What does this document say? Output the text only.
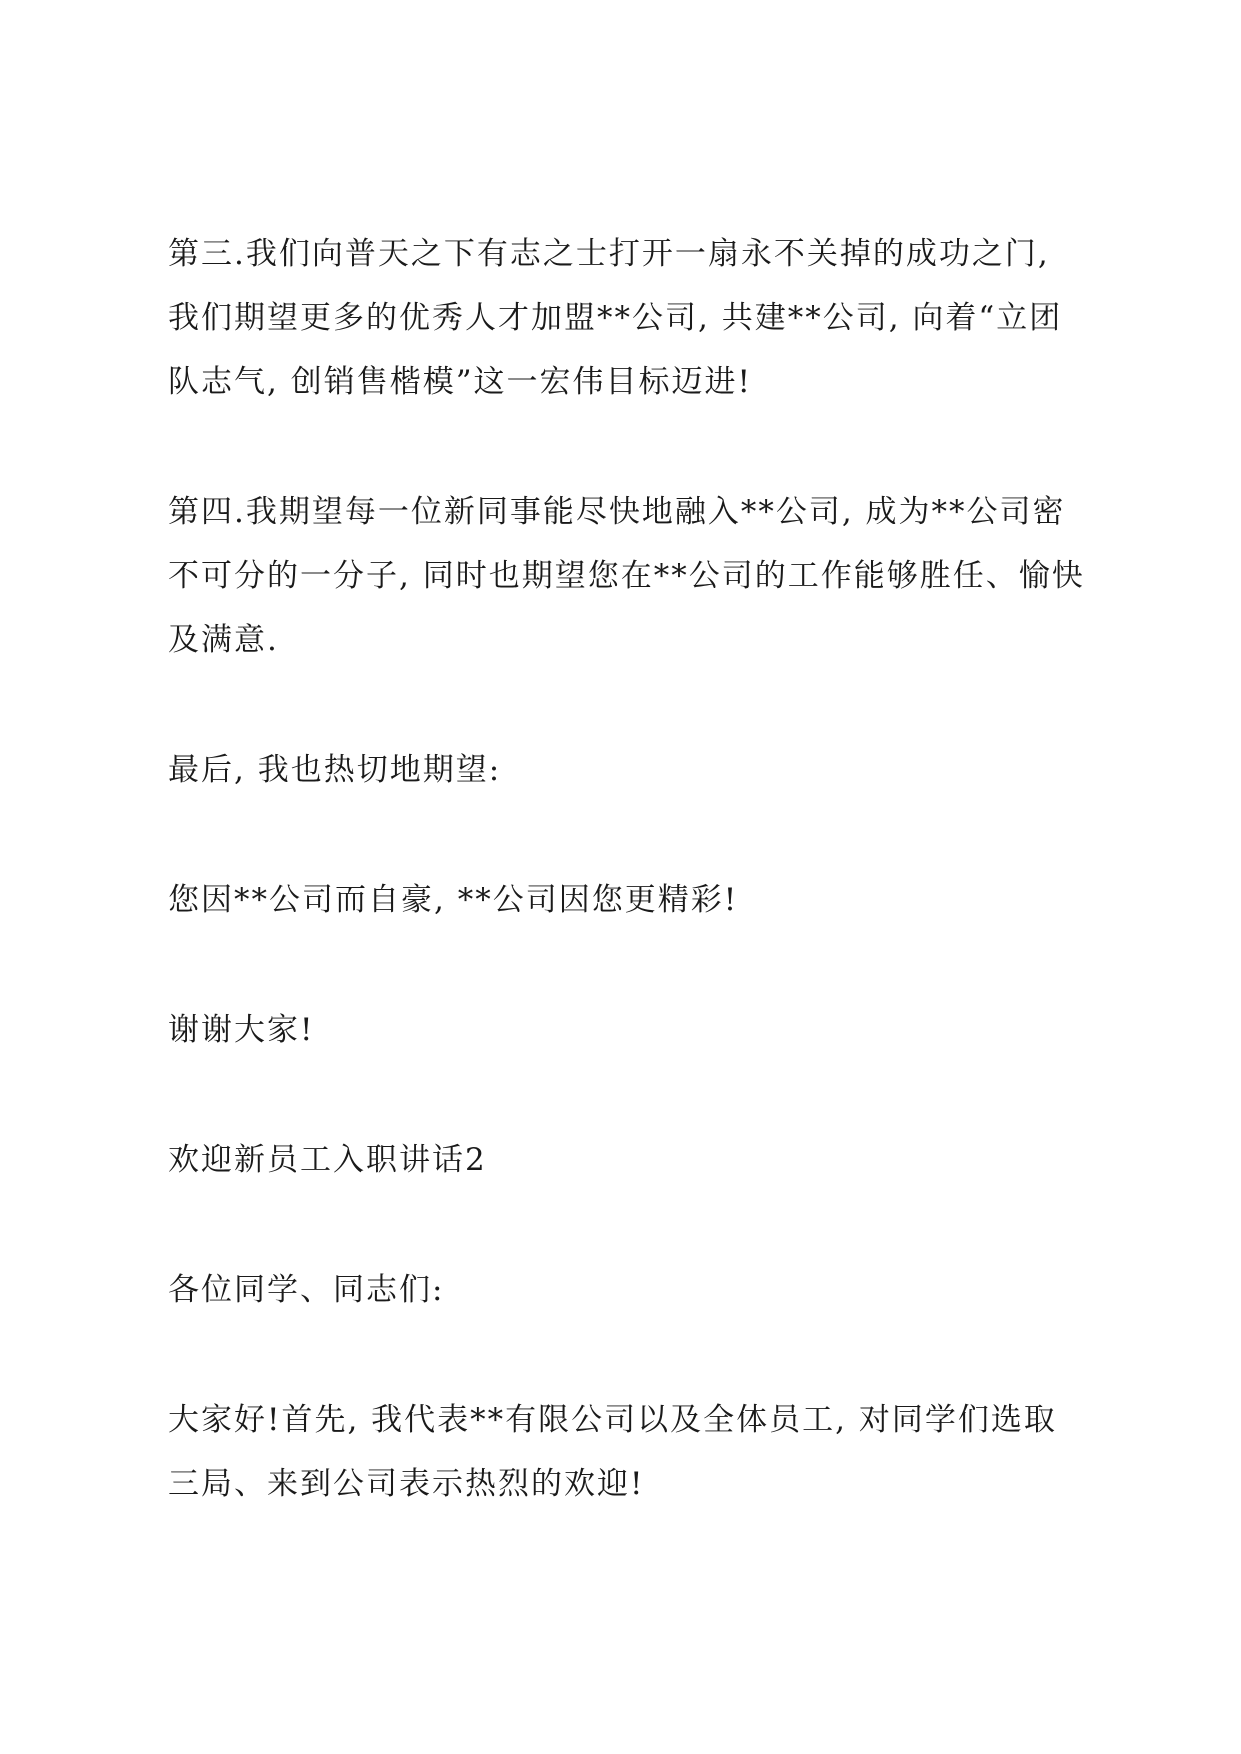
第三.我们向普天之下有志之士打开一扇永不关掉的成功之门,
我们期望更多的优秀人才加盟**公司, 共建**公司, 向着“立团
队志气, 创销售楷模”这一宏伟目标迈进!
第四.我期望每一位新同事能尽快地融入**公司, 成为**公司密
不可分的一分子, 同时也期望您在**公司的工作能够胜任、愉快
及满意.
最后, 我也热切地期望:
您因**公司而自豪, **公司因您更精彩!
谢谢大家!
欢迎新员工入职讲话2
各位同学、同志们:
大家好!首先, 我代表**有限公司以及全体员工, 对同学们选取
三局、来到公司表示热烈的欢迎!
